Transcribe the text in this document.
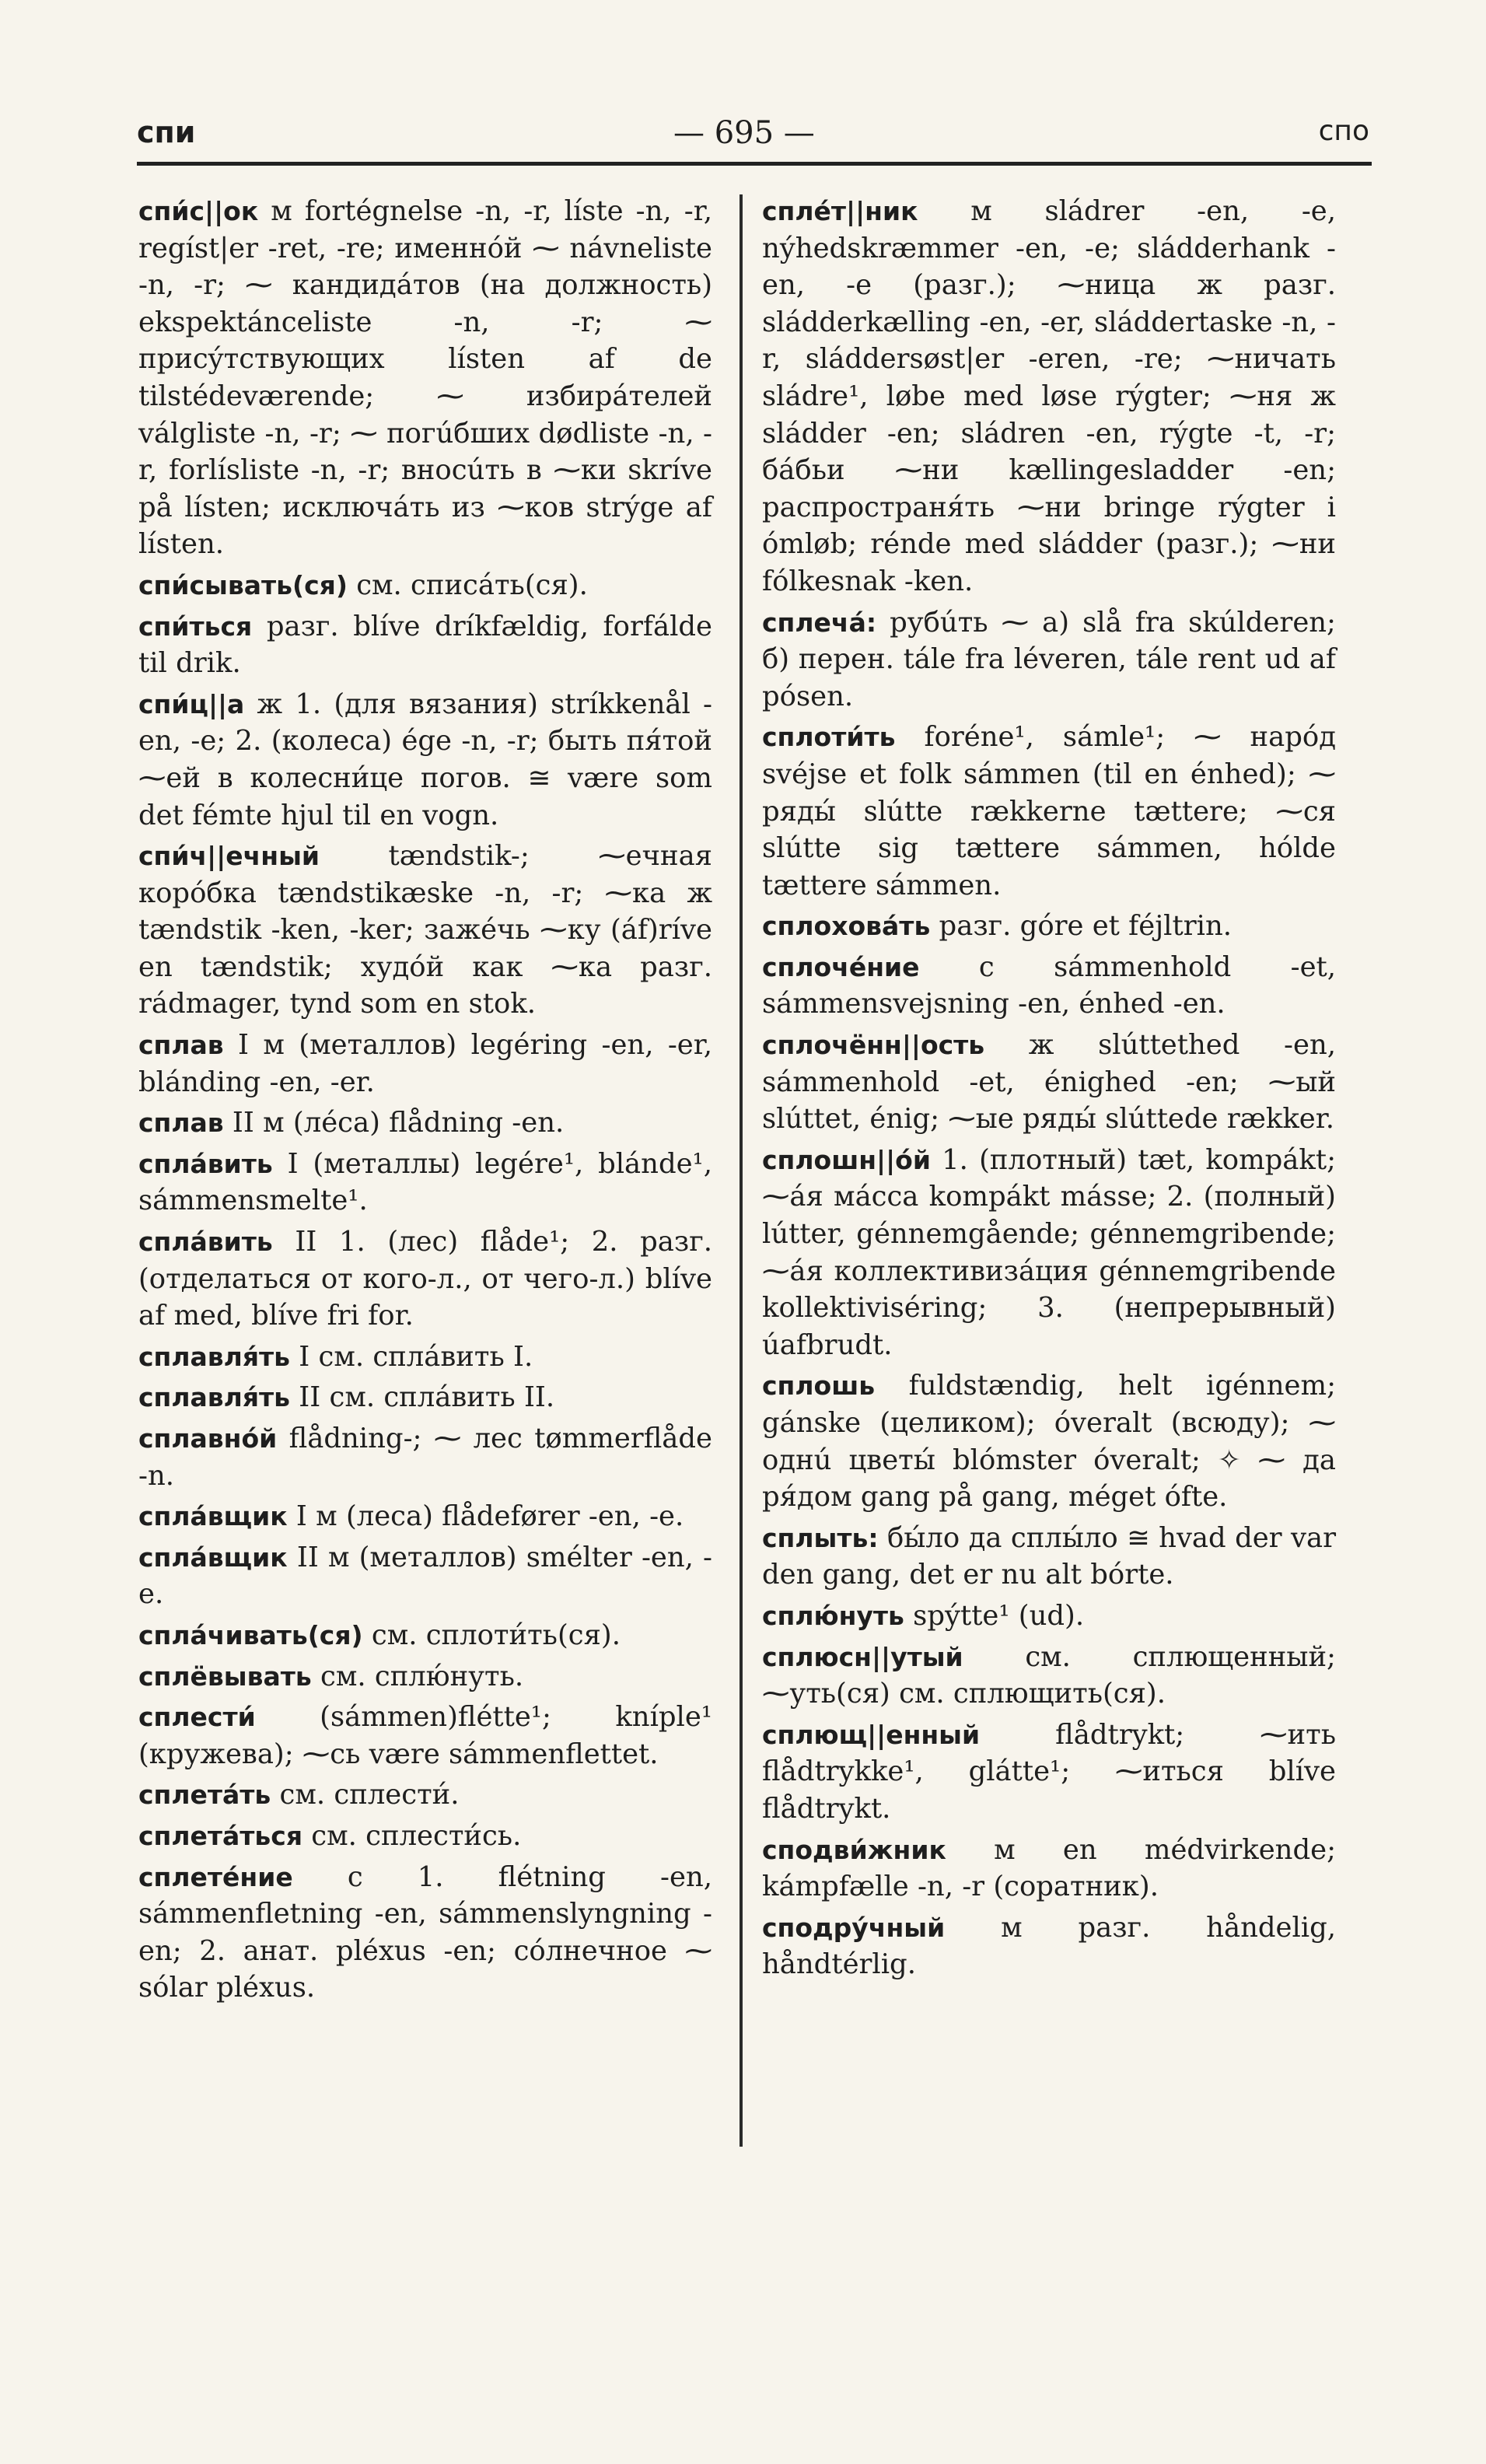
спи	— 695 —	спо
спи́с||ок м fortégnelse -n, -r, líste -n, -r, regíst|er -ret, -re; именнóй ⁓ návneliste -n, -r; ⁓ кандидáтов (на должность) ekspektánceliste -n, -r; ⁓ присýтствующих lísten af de tilstédeværende; ⁓ избирáтелей válgliste -n, -r; ⁓ погúбших dødliste -n, -r, forlísliste -n, -r; вносúть в ⁓ки skríve på lísten; исключáть из ⁓ков strýge af lísten.
спи́сывать(ся) см. списáть(ся).
спи́ться разг. blíve dríkfældig, forfálde til drik.
спи́ц||а ж 1. (для вязания) stríkkenål -en, -e; 2. (колеса) ége -n, -r; быть пя́той ⁓ей в колесни́це погов. ≅ være som det fémte hjul til en vogn.
спи́ч||ечный tændstik-; ⁓ечная корóбка tændstikæske -n, -r; ⁓ка ж tændstik -ken, -ker; зажéчь ⁓ку (áf)ríve en tændstik; худóй как ⁓ка разг. rádmager, tynd som en stok.
сплав I м (металлов) legéring -en, -er, blánding -en, -er.
сплав II м (лéса) flådning -en.
спла́вить I (металлы) legére¹, blánde¹, sámmensmelte¹.
спла́вить II 1. (лес) flåde¹; 2. разг. (отделаться от кого-л., от чего-л.) blíve af med, blíve fri for.
сплавля́ть I см. сплáвить I.
сплавля́ть II см. сплáвить II.
сплавнóй flådning-; ⁓ лес tømmerflåde -n.
спла́вщик I м (леса) flådefører -en, -e.
спла́вщик II м (металлов) smélter -en, -e.
спла́чивать(ся) см. сплоти́ть(ся).
сплёвывать см. сплю́нуть.
сплести́ (sámmen)flétte¹; kníple¹ (кружева); ⁓сь være sámmenflettet.
сплета́ть см. сплести́.
сплета́ться см. сплести́сь.
сплете́ние с 1. flétning -en, sámmenfletning -en, sámmenslyngning -en; 2. анат. pléxus -en; сóлнечное ⁓ sólar pléxus.
сплéт||ник м sládrer -en, -e, nýhedskræmmer -en, -e; sládderhank -en, -e (разг.); ⁓ница ж разг. sládderkælling -en, -er, sláddertaske -n, -r, sláddersøst|er -eren, -re; ⁓ничать sládre¹, løbe med løse rýgter; ⁓ня ж sládder -en; sládren -en, rýgte -t, -r; бáбьи ⁓ни kællingesladder -en; распространя́ть ⁓ни bringe rýgter i ómløb; rénde med sládder (разг.); ⁓ни fólkesnak -ken.
сплеча́: рубúть ⁓ а) slå fra skúlderen; б) перен. tále fra léveren, tále rent ud af pósen.
сплоти́ть foréne¹, sámle¹; ⁓ нарóд svéjse et folk sámmen (til en énhed); ⁓ ряды́ slútte rækkerne tættere; ⁓ся slútte sig tættere sámmen, hólde tættere sámmen.
сплохова́ть разг. góre et féjltrin.
сплочéние с sámmenhold -et, sámmensvejsning -en, énhed -en.
сплочённ||ость ж slúttethed -en, sámmenhold -et, énighed -en; ⁓ый slúttet, énig; ⁓ые ряды́ slúttede rækker.
сплошн||óй 1. (плотный) tæt, kompákt; ⁓áя мáсса kompákt másse; 2. (полный) lútter, génnemgående; génnemgribende; ⁓áя коллективизáция génnemgribende kollektiviséring; 3. (непрерывный) úafbrudt.
сплошь fuldstændig, helt igénnem; gánske (целиком); óveralt (всюду); ⁓ однú цветы́ blómster óveralt; ✧ ⁓ да ря́дом gang på gang, méget ófte.
сплыть: бы́ло да сплы́ло ≅ hvad der var den gang, det er nu alt bórte.
сплю́нуть spýtte¹ (ud).
сплюсн||утый см. сплющенный; ⁓уть(ся) см. сплющить(ся).
сплющ||енный flådtrykt; ⁓ить flådtrykke¹, glátte¹; ⁓иться blíve flådtrykt.
сподви́жник м en médvirkende; kámpfælle -n, -r (соратник).
сподру́чный м разг. håndelig, håndtérlig.
